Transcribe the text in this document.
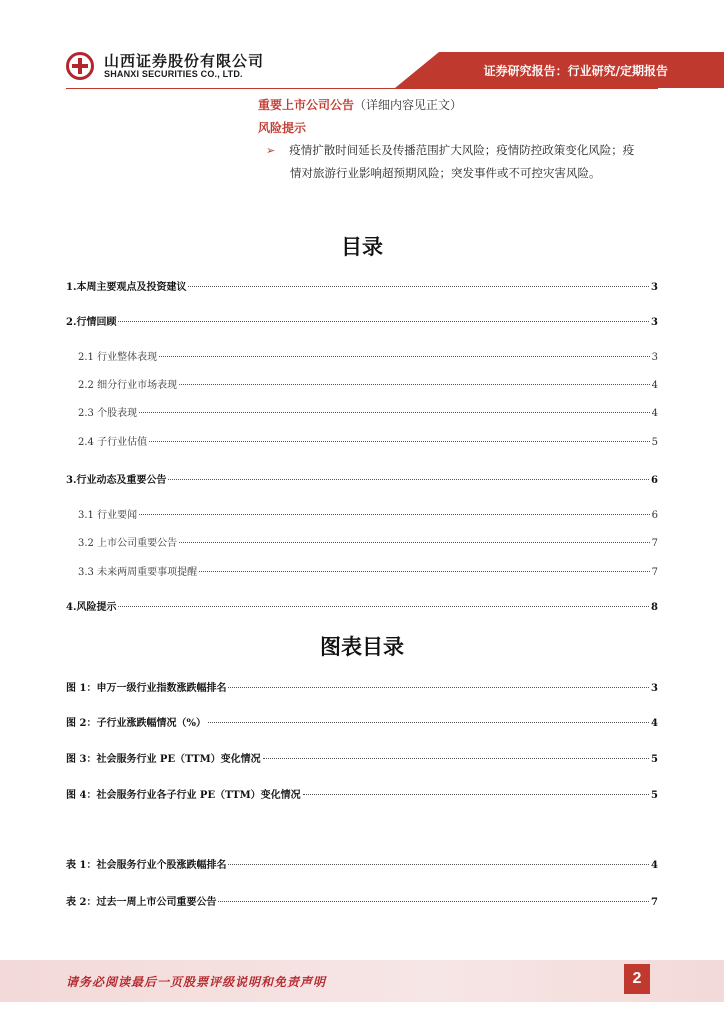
山西证券股份有限公司
SHANXI SECURITIES CO., LTD.	证券研究报告：行业研究/定期报告
重要上市公司公告（详细内容见正文）
风险提示
➢ 疫情扩散时间延长及传播范围扩大风险；疫情防控政策变化风险；疫
情对旅游行业影响超预期风险；突发事件或不可控灾害风险。
目录
1.本周主要观点及投资建议	3
2.行情回顾	3
2.1 行业整体表现	3
2.2 细分行业市场表现	4
2.3 个股表现	4
2.4 子行业估值	5
3.行业动态及重要公告	6
3.1 行业要闻	6
3.2 上市公司重要公告	7
3.3 未来两周重要事项提醒	7
4.风险提示	8
图表目录
图 1：申万一级行业指数涨跌幅排名	3
图 2：子行业涨跌幅情况（%）	4
图 3：社会服务行业 PE（TTM）变化情况	5
图 4：社会服务行业各子行业 PE（TTM）变化情况	5
表 1：社会服务行业个股涨跌幅排名	4
表 2：过去一周上市公司重要公告	7
请务必阅读最后一页股票评级说明和免责声明	2
